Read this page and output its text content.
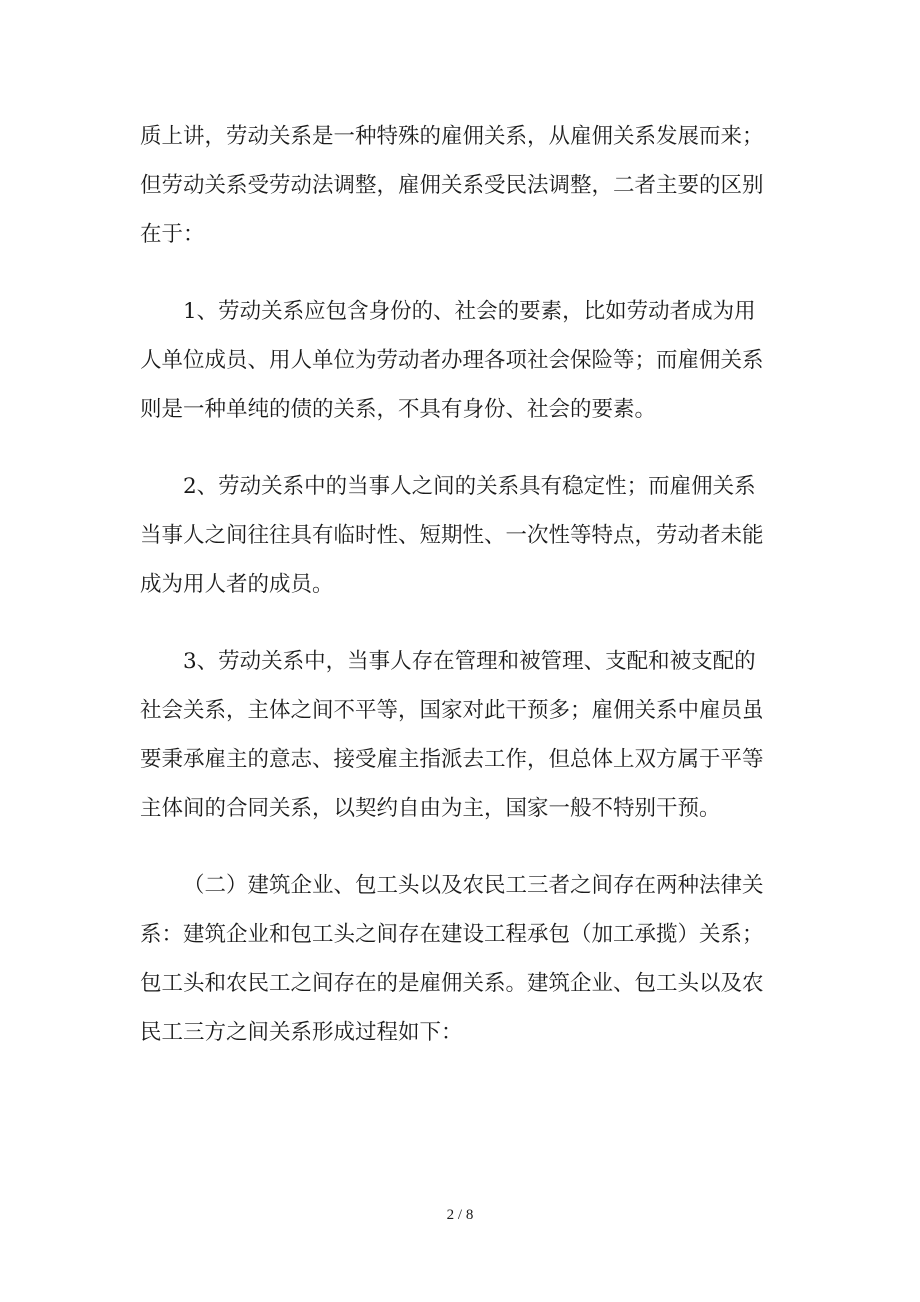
质上讲，劳动关系是一种特殊的雇佣关系，从雇佣关系发展而来；
但劳动关系受劳动法调整，雇佣关系受民法调整，二者主要的区别
在于：
1、劳动关系应包含身份的、社会的要素，比如劳动者成为用
人单位成员、用人单位为劳动者办理各项社会保险等；而雇佣关系
则是一种单纯的债的关系，不具有身份、社会的要素。
2、劳动关系中的当事人之间的关系具有稳定性；而雇佣关系
当事人之间往往具有临时性、短期性、一次性等特点，劳动者未能
成为用人者的成员。
3、劳动关系中，当事人存在管理和被管理、支配和被支配的
社会关系，主体之间不平等，国家对此干预多；雇佣关系中雇员虽
要秉承雇主的意志、接受雇主指派去工作，但总体上双方属于平等
主体间的合同关系，以契约自由为主，国家一般不特别干预。
（二）建筑企业、包工头以及农民工三者之间存在两种法律关
系：建筑企业和包工头之间存在建设工程承包（加工承揽）关系；
包工头和农民工之间存在的是雇佣关系。建筑企业、包工头以及农
民工三方之间关系形成过程如下：
2 / 8
